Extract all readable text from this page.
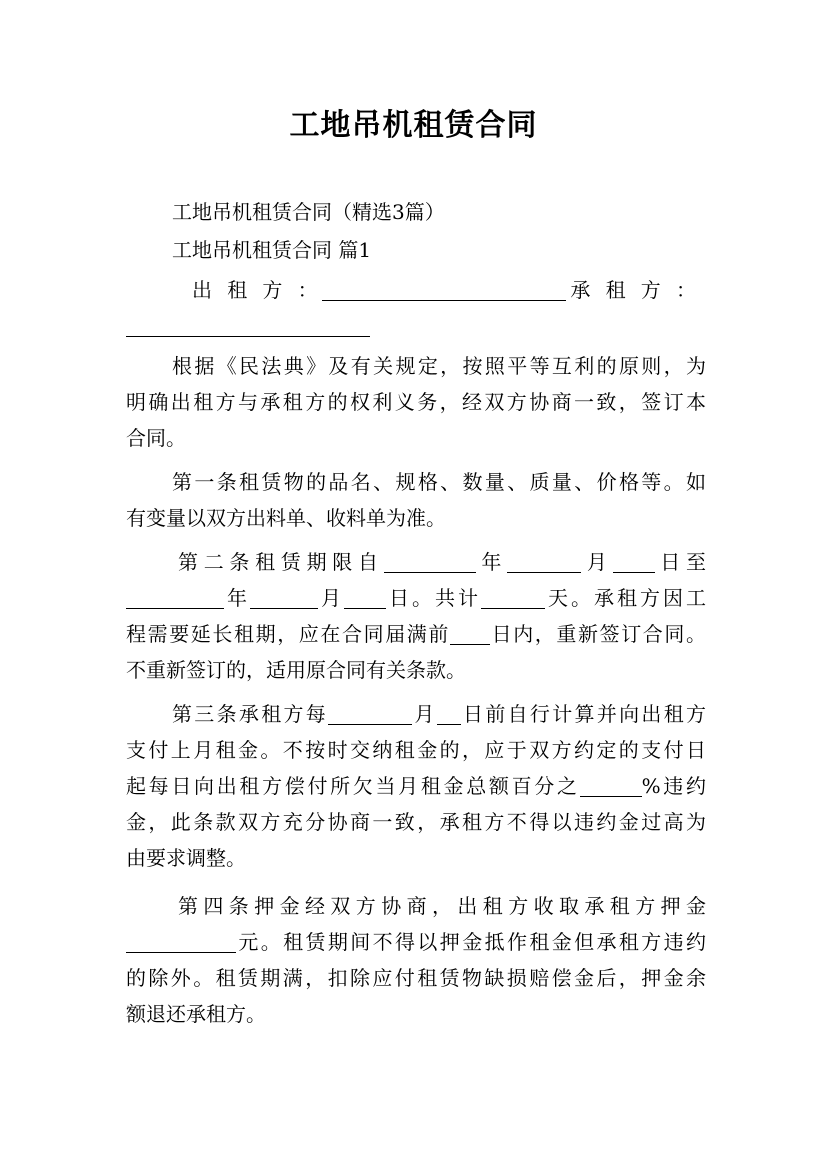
工地吊机租赁合同
工地吊机租赁合同（精选3篇）
工地吊机租赁合同 篇1
出 租 方 ：	承 租 方 ：
根据《民法典》及有关规定，按照平等互利的原则，为
明确出租方与承租方的权利义务，经双方协商一致，签订本
合同。
第一条租赁物的品名、规格、数量、质量、价格等。如
有变量以双方出料单、收料单为准。
第二条租赁期限自	年	月 日至
年	月 日。共计	天。承租方因工
程需要延长租期，应在合同届满前 日内，重新签订合同。
不重新签订的，适用原合同有关条款。
第三条承租方每	月 日前自行计算并向出租方
支付上月租金。不按时交纳租金的，应于双方约定的支付日
起每日向出租方偿付所欠当月租金总额百分之	%违约
金，此条款双方充分协商一致，承租方不得以违约金过高为
由要求调整。
第四条押金经双方协商，出租方收取承租方押金
元。租赁期间不得以押金抵作租金但承租方违约
的除外。租赁期满，扣除应付租赁物缺损赔偿金后，押金余
额退还承租方。
